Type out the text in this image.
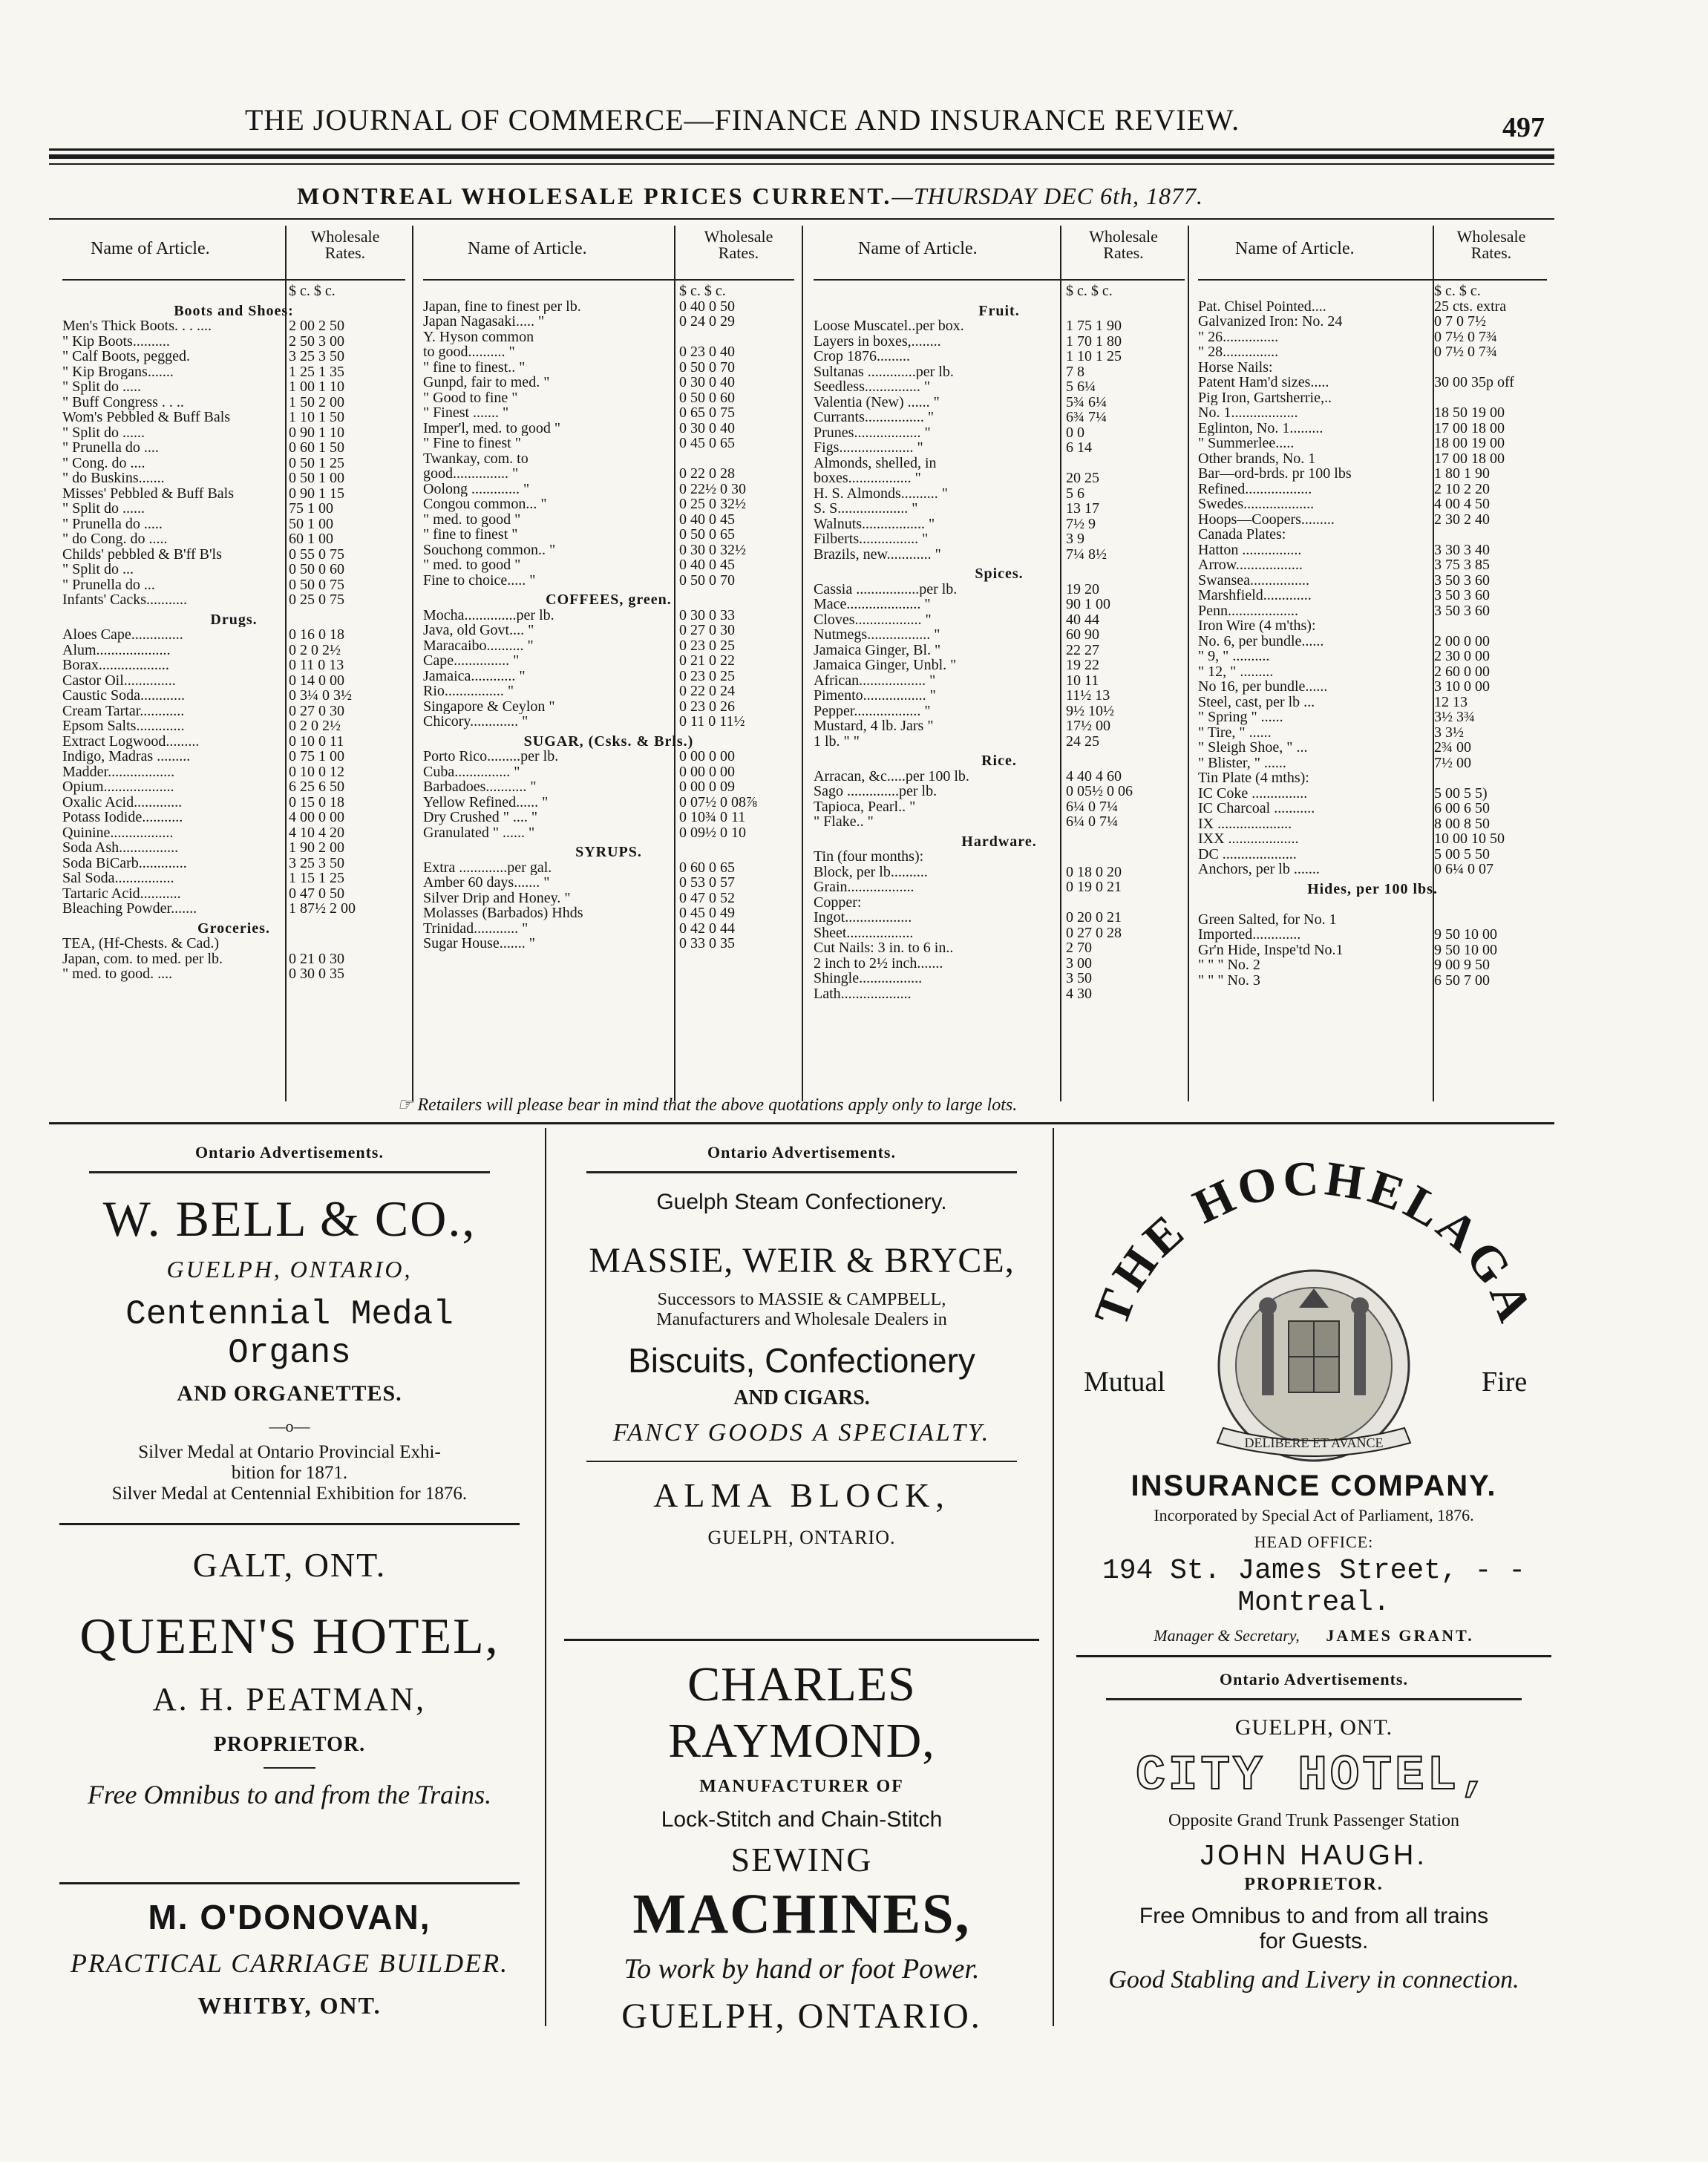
THE JOURNAL OF COMMERCE—FINANCE AND INSURANCE REVIEW.	497
MONTREAL WHOLESALE PRICES CURRENT.—THURSDAY DEC 6th, 1877.
Name of Article.
Wholesale
Rates.
$ c. $ c.
Boots and Shoes:
Men's Thick Boots. . . ....	2 00 2 50
" Kip Boots..........	2 50 3 00
" Calf Boots, pegged.	3 25 3 50
" Kip Brogans.......	1 25 1 35
" Split do .....	1 00 1 10
" Buff Congress . . ..	1 50 2 00
Wom's Pebbled & Buff Bals	1 10 1 50
" Split do ......	0 90 1 10
" Prunella do ....	0 60 1 50
" Cong. do ....	0 50 1 25
" do Buskins.......	0 50 1 00
Misses' Pebbled & Buff Bals	0 90 1 15
" Split do ......	75 1 00
" Prunella do .....	50 1 00
" do Cong. do .....	60 1 00
Childs' pebbled & B'ff B'ls	0 55 0 75
" Split do ...	0 50 0 60
" Prunella do ...	0 50 0 75
Infants' Cacks...........	0 25 0 75
Drugs.
Aloes Cape..............	0 16 0 18
Alum....................	0 2 0 2½
Borax...................	0 11 0 13
Castor Oil..............	0 14 0 00
Caustic Soda............	0 3¼ 0 3½
Cream Tartar............	0 27 0 30
Epsom Salts.............	0 2 0 2½
Extract Logwood.........	0 10 0 11
Indigo, Madras .........	0 75 1 00
Madder..................	0 10 0 12
Opium...................	6 25 6 50
Oxalic Acid.............	0 15 0 18
Potass Iodide...........	4 00 0 00
Quinine.................	4 10 4 20
Soda Ash................	1 90 2 00
Soda BiCarb.............	3 25 3 50
Sal Soda................	1 15 1 25
Tartaric Acid...........	0 47 0 50
Bleaching Powder.......	1 87½ 2 00
Groceries.
TEA, (Hf-Chests. & Cad.)
Japan, com. to med. per lb.	0 21 0 30
" med. to good. ....	0 30 0 35
Name of Article.
Wholesale
Rates.
$ c. $ c.
Japan, fine to finest per lb.	0 40 0 50
Japan Nagasaki..... "	0 24 0 29
Y. Hyson common
to good.......... "	0 23 0 40
" fine to finest.. "	0 50 0 70
Gunpd, fair to med. "	0 30 0 40
" Good to fine "	0 50 0 60
" Finest ....... "	0 65 0 75
Imper'l, med. to good "	0 30 0 40
" Fine to finest "	0 45 0 65
Twankay, com. to
good............... "	0 22 0 28
Oolong ............. "	0 22½ 0 30
Congou common... "	0 25 0 32½
" med. to good "	0 40 0 45
" fine to finest "	0 50 0 65
Souchong common.. "	0 30 0 32½
" med. to good "	0 40 0 45
Fine to choice..... "	0 50 0 70
COFFEES, green.
Mocha..............per lb.	0 30 0 33
Java, old Govt.... "	0 27 0 30
Maracaibo.......... "	0 23 0 25
Cape............... "	0 21 0 22
Jamaica............ "	0 23 0 25
Rio................ "	0 22 0 24
Singapore & Ceylon "	0 23 0 26
Chicory............. "	0 11 0 11½
SUGAR, (Csks. & Brls.)
Porto Rico.........per lb.	0 00 0 00
Cuba............... "	0 00 0 00
Barbadoes........... "	0 00 0 09
Yellow Refined...... "	0 07½ 0 08⅞
Dry Crushed " .... "	0 10¾ 0 11
Granulated " ...... "	0 09½ 0 10
SYRUPS.
Extra .............per gal.	0 60 0 65
Amber 60 days....... "	0 53 0 57
Silver Drip and Honey. "	0 47 0 52
Molasses (Barbados) Hhds	0 45 0 49
Trinidad............ "	0 42 0 44
Sugar House....... "	0 33 0 35
Name of Article.
Wholesale
Rates.
$ c. $ c.
Fruit.
Loose Muscatel..per box.	1 75 1 90
Layers in boxes,........	1 70 1 80
Crop 1876.........	1 10 1 25
Sultanas .............per lb.	7 8
Seedless............... "	5 6¼
Valentia (New) ...... "	5¾ 6¼
Currants................ "	6¾ 7¼
Prunes.................. "	0 0
Figs.................... "	6 14
Almonds, shelled, in
boxes................. "	20 25
H. S. Almonds.......... "	5 6
S. S................... "	13 17
Walnuts................. "	7½ 9
Filberts................ "	3 9
Brazils, new............ "	7¼ 8½
Spices.
Cassia .................per lb.	19 20
Mace.................... "	90 1 00
Cloves.................. "	40 44
Nutmegs................. "	60 90
Jamaica Ginger, Bl. "	22 27
Jamaica Ginger, Unbl. "	19 22
African.................. "	10 11
Pimento................. "	11½ 13
Pepper.................. "	9½ 10½
Mustard, 4 lb. Jars "	17½ 00
1 lb. " "	24 25
Rice.
Arracan, &c.....per 100 lb.	4 40 4 60
Sago ..............per lb.	0 05½ 0 06
Tapioca, Pearl.. "	6¼ 0 7¼
" Flake.. "	6¼ 0 7¼
Hardware.
Tin (four months):
Block, per lb..........	0 18 0 20
Grain..................	0 19 0 21
Copper:
Ingot..................	0 20 0 21
Sheet..................	0 27 0 28
Cut Nails: 3 in. to 6 in..	2 70
2 inch to 2½ inch.......	3 00
Shingle.................	3 50
Lath...................	4 30
Name of Article.
Wholesale
Rates.
$ c. $ c.
Pat. Chisel Pointed....	25 cts. extra
Galvanized Iron: No. 24	0 7 0 7½
" 26...............	0 7½ 0 7¾
" 28...............	0 7½ 0 7¾
Horse Nails:
Patent Ham'd sizes.....	30 00 35p off
Pig Iron, Gartsherrie,..
No. 1..................	18 50 19 00
Eglinton, No. 1.........	17 00 18 00
" Summerlee.....	18 00 19 00
Other brands, No. 1	17 00 18 00
Bar—ord-brds. pr 100 lbs	1 80 1 90
Refined..................	2 10 2 20
Swedes...................	4 00 4 50
Hoops—Coopers.........	2 30 2 40
Canada Plates:
Hatton ................	3 30 3 40
Arrow..................	3 75 3 85
Swansea................	3 50 3 60
Marshfield.............	3 50 3 60
Penn...................	3 50 3 60
Iron Wire (4 m'ths):
No. 6, per bundle......	2 00 0 00
" 9, " ..........	2 30 0 00
" 12, " .........	2 60 0 00
No 16, per bundle......	3 10 0 00
Steel, cast, per lb ...	12 13
" Spring " ......	3½ 3¾
" Tire, " ......	3 3½
" Sleigh Shoe, " ...	2¾ 00
" Blister, " ......	7½ 00
Tin Plate (4 mths):
IC Coke ...............	5 00 5 5)
IC Charcoal ...........	6 00 6 50
IX ....................	8 00 8 50
IXX ...................	10 00 10 50
DC ....................	5 00 5 50
Anchors, per lb .......	0 6¼ 0 07
Hides, per 100 lbs.
Green Salted, for No. 1
Imported.............	9 50 10 00
Gr'n Hide, Inspe'td No.1	9 50 10 00
" " " No. 2	9 00 9 50
" " " No. 3	6 50 7 00
☞ Retailers will please bear in mind that the above quotations apply only to large lots.
Ontario Advertisements.
W. BELL & CO.,
GUELPH, ONTARIO,
Centennial Medal Organs
AND ORGANETTES.
—o—
Silver Medal at Ontario Provincial Exhi-
bition for 1871.
Silver Medal at Centennial Exhibition for 1876.
GALT, ONT.
QUEEN'S HOTEL,
A. H. PEATMAN,
PROPRIETOR.
Free Omnibus to and from the Trains.
M. O'DONOVAN,
PRACTICAL CARRIAGE BUILDER.
WHITBY, ONT.
Ontario Advertisements.
Guelph Steam Confectionery.
MASSIE, WEIR & BRYCE,
Successors to MASSIE & CAMPBELL,
Manufacturers and Wholesale Dealers in
Biscuits, Confectionery
AND CIGARS.
FANCY GOODS A SPECIALTY.
ALMA BLOCK,
GUELPH, ONTARIO.
CHARLES RAYMOND,
MANUFACTURER OF
Lock-Stitch and Chain-Stitch
SEWING
MACHINES,
To work by hand or foot Power.
GUELPH, ONTARIO.
THE HOCHELAGA
DELIBERE ET AVANCE
Mutual	Fire
INSURANCE COMPANY.
Incorporated by Special Act of Parliament, 1876.
HEAD OFFICE:
194 St. James Street, - - Montreal.
Manager & Secretary, JAMES GRANT.
Ontario Advertisements.
GUELPH, ONT.
CITY HOTEL,
Opposite Grand Trunk Passenger Station
JOHN HAUGH.
PROPRIETOR.
Free Omnibus to and from all trains
for Guests.
Good Stabling and Livery in connection.
